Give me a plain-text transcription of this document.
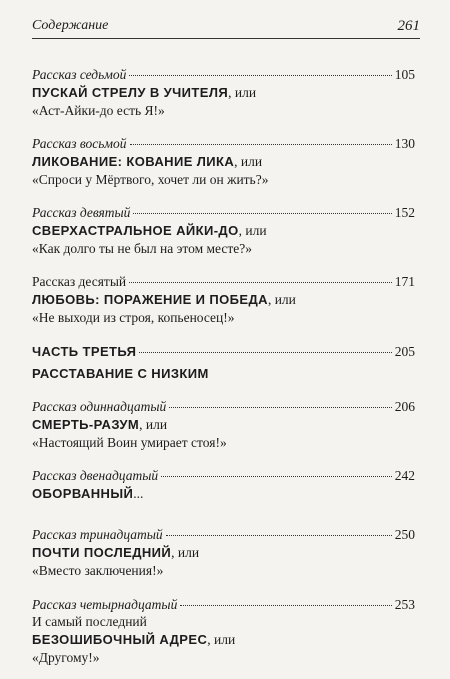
Содержание	261
Рассказ седьмой	105
ПУСКАЙ СТРЕЛУ В УЧИТЕЛЯ, или
«Аст-Айки-до есть Я!»
Рассказ восьмой	130
ЛИКОВАНИЕ: КОВАНИЕ ЛИКА, или
«Спроси у Мёртвого, хочет ли он жить?»
Рассказ девятый	152
СВЕРХАСТРАЛЬНОЕ АЙКИ-ДО, или
«Как долго ты не был на этом месте?»
Рассказ десятый	171
ЛЮБОВЬ: ПОРАЖЕНИЕ И ПОБЕДА, или
«Не выходи из строя, копьеносец!»
ЧАСТЬ ТРЕТЬЯ	205
РАССТАВАНИЕ С НИЗКИМ
Рассказ одиннадцатый	206
СМЕРТЬ-РАЗУМ, или
«Настоящий Воин умирает стоя!»
Рассказ двенадцатый	242
ОБОРВАННЫЙ...
Рассказ тринадцатый	250
ПОЧТИ ПОСЛЕДНИЙ, или
«Вместо заключения!»
Рассказ четырнадцатый	253
И самый последний
БЕЗОШИБОЧНЫЙ АДРЕС, или
«Другому!»
